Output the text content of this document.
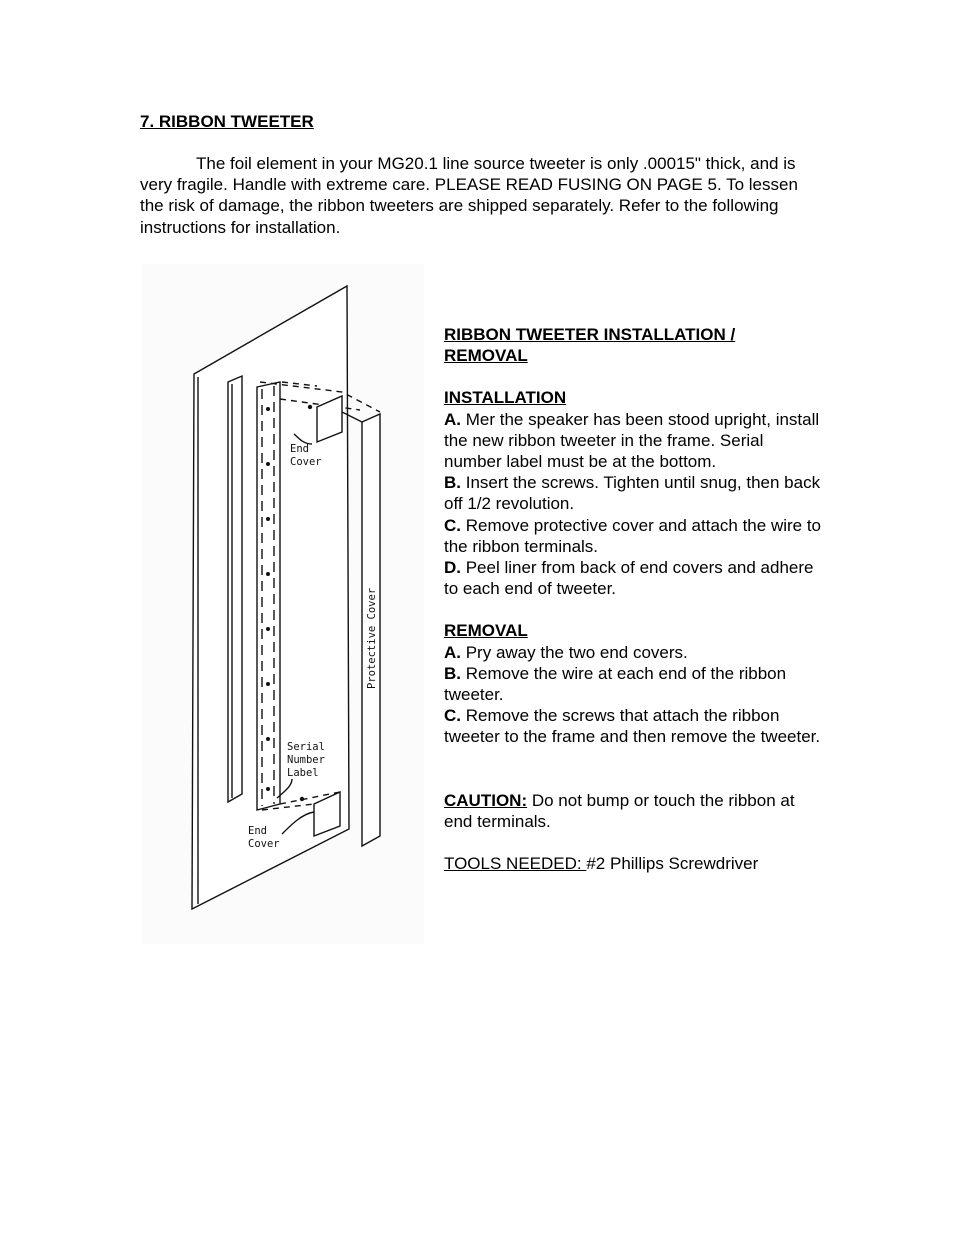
7. RIBBON TWEETER
The foil element in your MG20.1 line source tweeter is only .00015" thick, and is very fragile. Handle with extreme care. PLEASE READ FUSING ON PAGE 5. To lessen the risk of damage, the ribbon tweeters are shipped separately. Refer to the following instructions for installation.
End
Cover
Serial
Number
Label
End
Cover
Protective Cover

RIBBON TWEETER INSTALLATION /

REMOVAL

INSTALLATION

A. Mer the speaker has been stood upright, install the new ribbon tweeter in the frame. Serial number label must be at the bottom.

B. Insert the screws. Tighten until snug, then back off 1/2 revolution.

C. Remove protective cover and attach the wire to the ribbon terminals.

D. Peel liner from back of end covers and adhere to each end of tweeter.

REMOVAL

A. Pry away the two end covers.

B. Remove the wire at each end of the ribbon tweeter.

C. Remove the screws that attach the ribbon tweeter to the frame and then remove the tweeter.

CAUTION: Do not bump or touch the ribbon at end terminals.

TOOLS NEEDED: #2 Phillips Screwdriver
